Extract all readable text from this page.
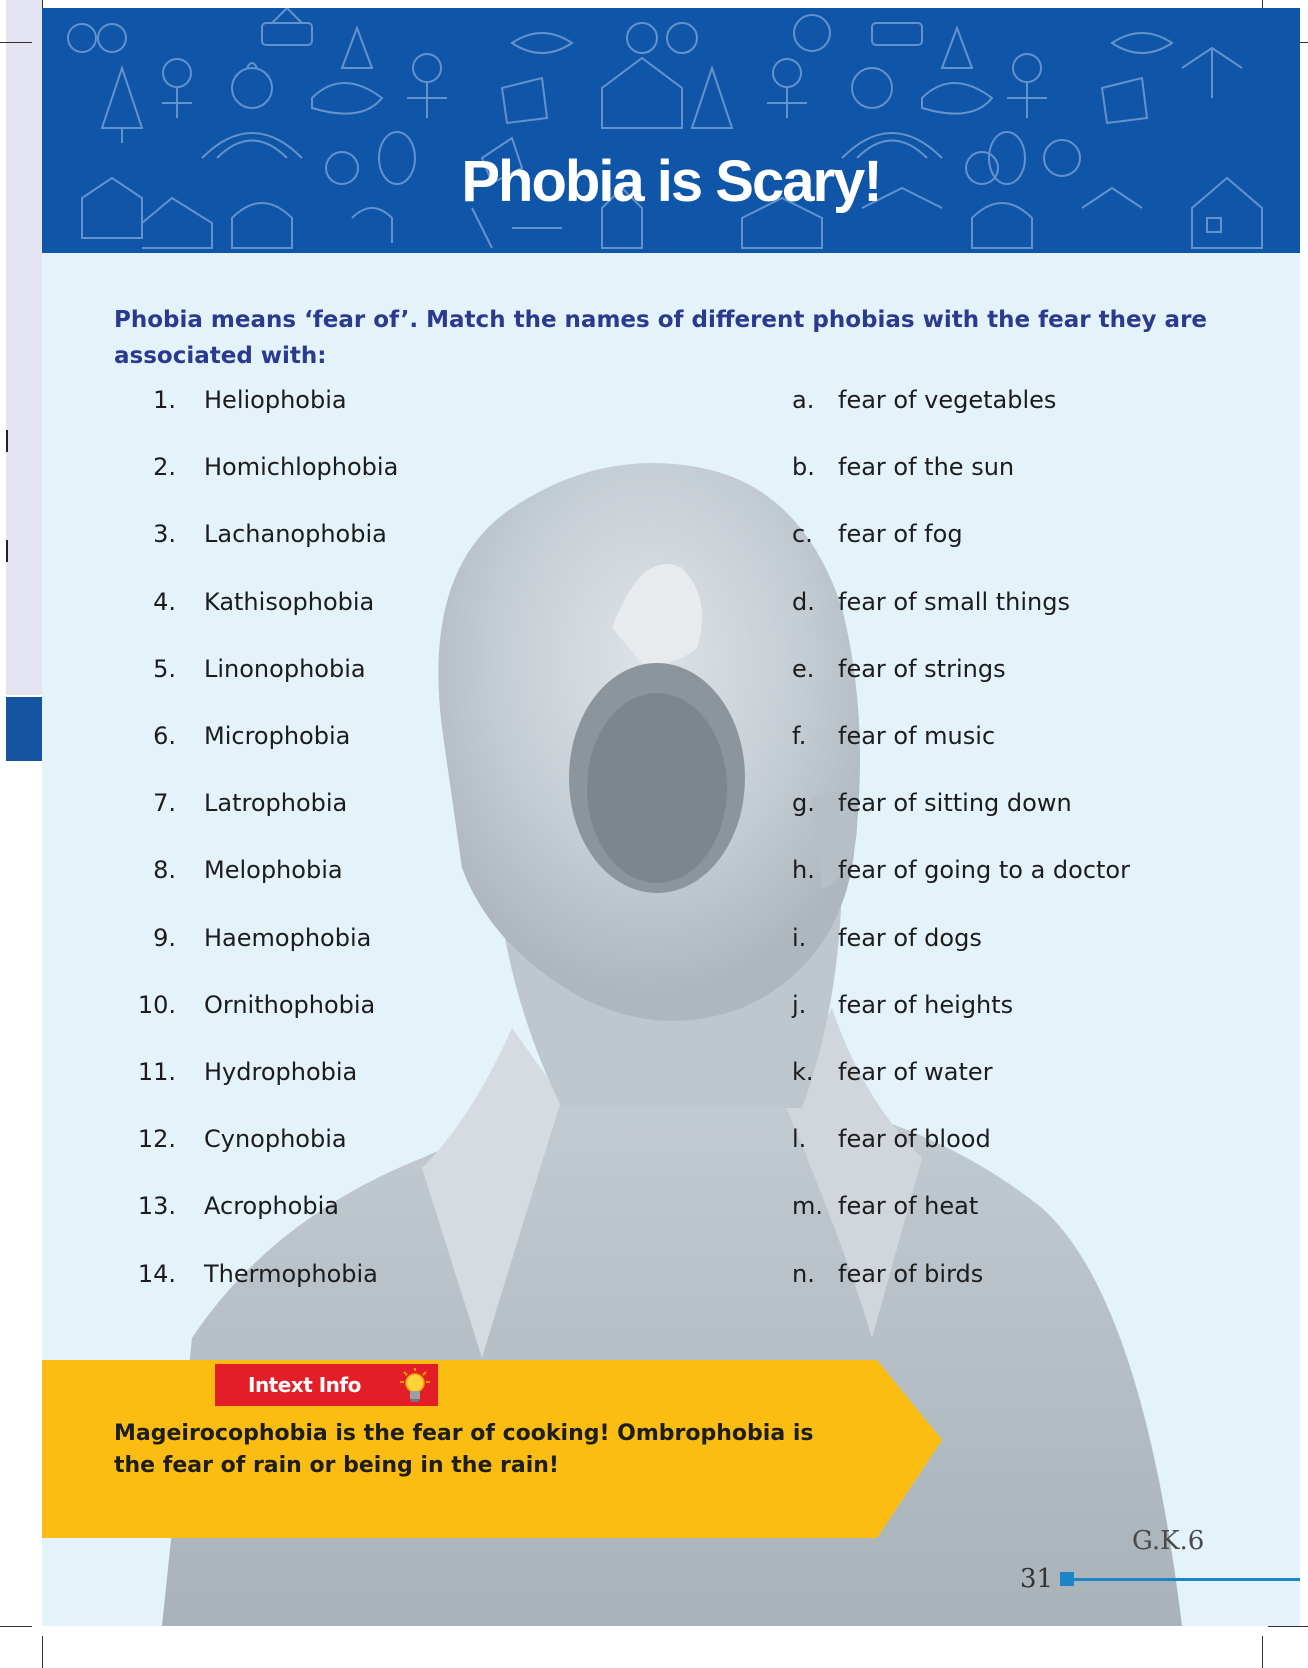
Phobia is Scary!
Phobia means ‘fear of’. Match the names of different phobias with the fear they are associated with:
1. Heliophobia
2. Homichlophobia
3. Lachanophobia
4. Kathisophobia
5. Linonophobia
6. Microphobia
7. Latrophobia
8. Melophobia
9. Haemophobia
10. Ornithophobia
11. Hydrophobia
12. Cynophobia
13. Acrophobia
14. Thermophobia
a. fear of vegetables
b. fear of the sun
c.	fear of fog
d. fear of small things
e. fear of strings
f.	fear of music
g. fear of sitting down
h. fear of going to a doctor
i.	fear of dogs
j.	fear of heights
k.	fear of water
l.	fear of blood
m. fear of heat
n. fear of birds
Intext Info
Mageirocophobia is the fear of cooking! Ombrophobia is the fear of rain or being in the rain!
G.K.6
31
